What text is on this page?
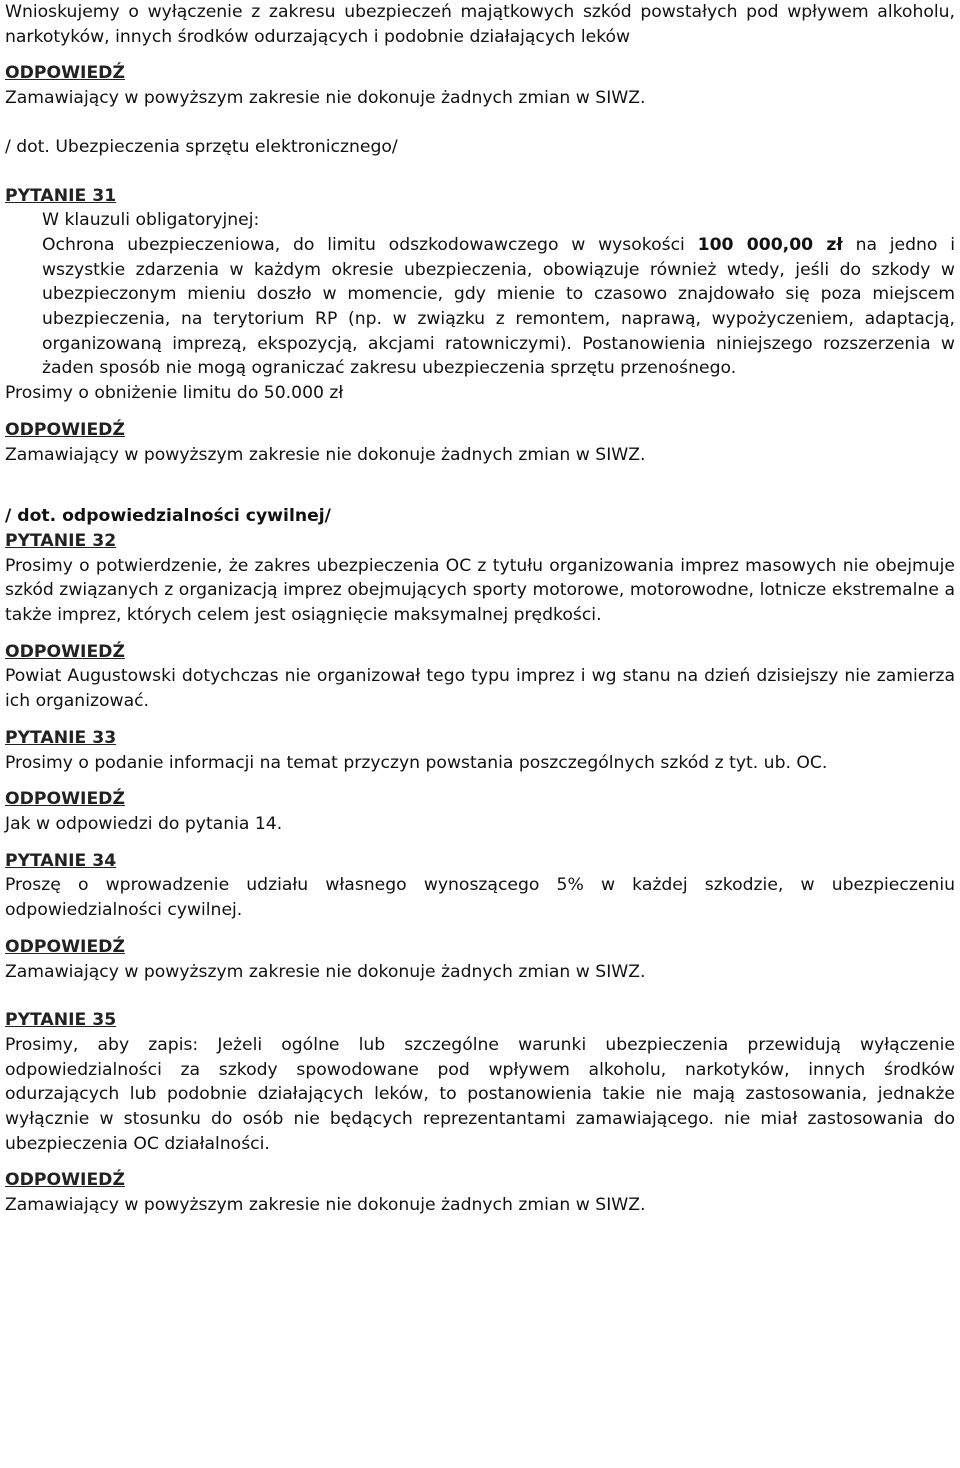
Wnioskujemy o wyłączenie z zakresu ubezpieczeń majątkowych szkód powstałych pod wpływem alkoholu, narkotyków, innych środków odurzających i podobnie działających leków

ODPOWIEDŹ

Zamawiający w powyższym zakresie nie dokonuje żadnych zmian w SIWZ.

/ dot. Ubezpieczenia sprzętu elektronicznego/

PYTANIE 31

W klauzuli obligatoryjnej:

Ochrona ubezpieczeniowa, do limitu odszkodowawczego w wysokości 100 000,00 zł na jedno i wszystkie zdarzenia w każdym okresie ubezpieczenia, obowiązuje również wtedy, jeśli do szkody w ubezpieczonym mieniu doszło w momencie, gdy mienie to czasowo znajdowało się poza miejscem ubezpieczenia, na terytorium RP (np. w związku z remontem, naprawą, wypożyczeniem, adaptacją, organizowaną imprezą, ekspozycją, akcjami ratowniczymi). Postanowienia niniejszego rozszerzenia w żaden sposób nie mogą ograniczać zakresu ubezpieczenia sprzętu przenośnego.

Prosimy o obniżenie limitu do 50.000 zł

ODPOWIEDŹ

Zamawiający w powyższym zakresie nie dokonuje żadnych zmian w SIWZ.

/ dot. odpowiedzialności cywilnej/

PYTANIE 32

Prosimy o potwierdzenie, że zakres ubezpieczenia OC z tytułu organizowania imprez masowych nie obejmuje szkód związanych z organizacją imprez obejmujących sporty motorowe, motorowodne, lotnicze ekstremalne a także imprez, których celem jest osiągnięcie maksymalnej prędkości.

ODPOWIEDŹ

Powiat Augustowski dotychczas nie organizował tego typu imprez i wg stanu na dzień dzisiejszy nie zamierza ich organizować.

PYTANIE 33

Prosimy o podanie informacji na temat przyczyn powstania poszczególnych szkód z tyt. ub. OC.

ODPOWIEDŹ

Jak w odpowiedzi do pytania 14.

PYTANIE 34

Proszę o wprowadzenie udziału własnego wynoszącego 5% w każdej szkodzie, w ubezpieczeniu odpowiedzialności cywilnej.

ODPOWIEDŹ

Zamawiający w powyższym zakresie nie dokonuje żadnych zmian w SIWZ.

PYTANIE 35

Prosimy, aby zapis: Jeżeli ogólne lub szczególne warunki ubezpieczenia przewidują wyłączenie odpowiedzialności za szkody spowodowane pod wpływem alkoholu, narkotyków, innych środków odurzających lub podobnie działających leków, to postanowienia takie nie mają zastosowania, jednakże wyłącznie w stosunku do osób nie będących reprezentantami zamawiającego. nie miał zastosowania do ubezpieczenia OC działalności.

ODPOWIEDŹ

Zamawiający w powyższym zakresie nie dokonuje żadnych zmian w SIWZ.
